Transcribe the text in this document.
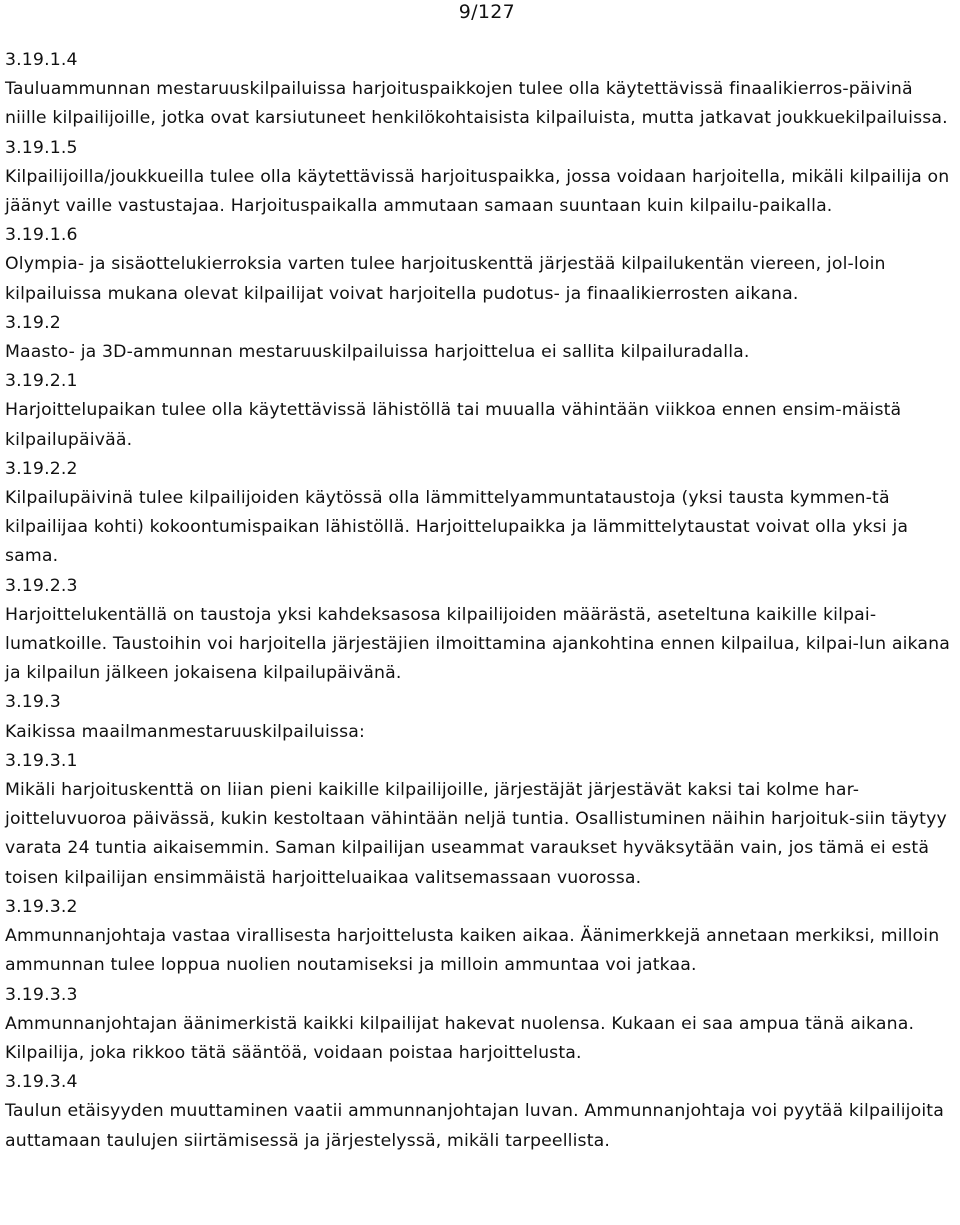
9/127
3.19.1.4
Tauluammunnan mestaruuskilpailuissa harjoituspaikkojen tulee olla käytettävissä finaalikierros-päivinä niille kilpailijoille, jotka ovat karsiutuneet henkilökohtaisista kilpailuista, mutta jatkavat joukkuekilpailuissa.
3.19.1.5
Kilpailijoilla/joukkueilla tulee olla käytettävissä harjoituspaikka, jossa voidaan harjoitella, mikäli kilpailija on jäänyt vaille vastustajaa. Harjoituspaikalla ammutaan samaan suuntaan kuin kilpailu-paikalla.
3.19.1.6
Olympia- ja sisäottelukierroksia varten tulee harjoituskenttä järjestää kilpailukentän viereen, jol-loin kilpailuissa mukana olevat kilpailijat voivat harjoitella pudotus- ja finaalikierrosten aikana.
3.19.2
Maasto- ja 3D-ammunnan mestaruuskilpailuissa harjoittelua ei sallita kilpailuradalla.
3.19.2.1
Harjoittelupaikan tulee olla käytettävissä lähistöllä tai muualla vähintään viikkoa ennen ensim-mäistä kilpailupäivää.
3.19.2.2
Kilpailupäivinä tulee kilpailijoiden käytössä olla lämmittelyammuntataustoja (yksi tausta kymmen-tä kilpailijaa kohti) kokoontumispaikan lähistöllä. Harjoittelupaikka ja lämmittelytaustat voivat olla yksi ja sama.
3.19.2.3
Harjoittelukentällä on taustoja yksi kahdeksasosa kilpailijoiden määrästä, aseteltuna kaikille kilpai-lumatkoille. Taustoihin voi harjoitella järjestäjien ilmoittamina ajankohtina ennen kilpailua, kilpai-lun aikana ja kilpailun jälkeen jokaisena kilpailupäivänä.
3.19.3
Kaikissa maailmanmestaruuskilpailuissa:
3.19.3.1
Mikäli harjoituskenttä on liian pieni kaikille kilpailijoille, järjestäjät järjestävät kaksi tai kolme har-joitteluvuoroa päivässä, kukin kestoltaan vähintään neljä tuntia. Osallistuminen näihin harjoituk-siin täytyy varata 24 tuntia aikaisemmin. Saman kilpailijan useammat varaukset hyväksytään vain, jos tämä ei estä toisen kilpailijan ensimmäistä harjoitteluaikaa valitsemassaan vuorossa.
3.19.3.2
Ammunnanjohtaja vastaa virallisesta harjoittelusta kaiken aikaa. Äänimerkkejä annetaan merkiksi, milloin ammunnan tulee loppua nuolien noutamiseksi ja milloin ammuntaa voi jatkaa.
3.19.3.3
Ammunnanjohtajan äänimerkistä kaikki kilpailijat hakevat nuolensa. Kukaan ei saa ampua tänä aikana. Kilpailija, joka rikkoo tätä sääntöä, voidaan poistaa harjoittelusta.
3.19.3.4
Taulun etäisyyden muuttaminen vaatii ammunnanjohtajan luvan. Ammunnanjohtaja voi pyytää kilpailijoita auttamaan taulujen siirtämisessä ja järjestelyssä, mikäli tarpeellista.
